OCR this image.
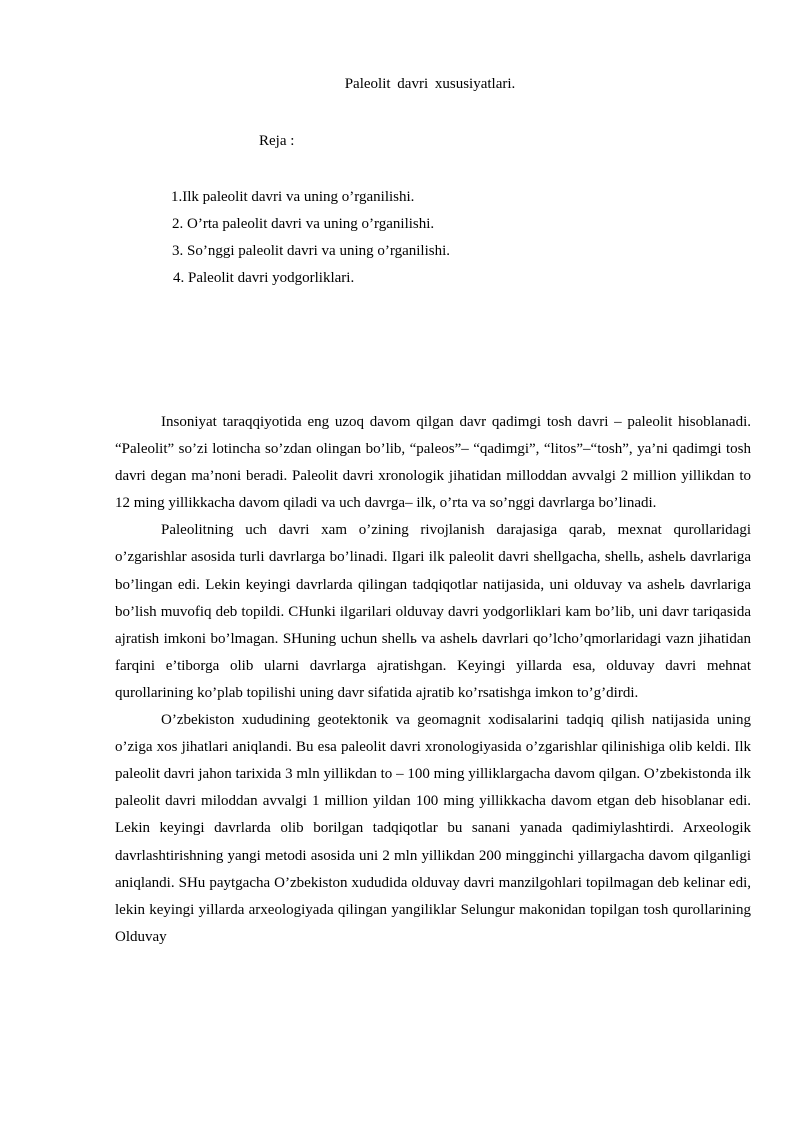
Paleolit davri xususiyatlari.
Reja :
1.Ilk paleolit davri va uning o’rganilishi.
2. O’rta paleolit davri va uning o’rganilishi.
3. So’nggi paleolit davri va uning o’rganilishi.
4. Paleolit davri yodgorliklari.

Insoniyat taraqqiyotida eng uzoq davom qilgan davr qadimgi tosh davri – paleolit hisoblanadi. “Paleolit” so’zi lotincha so’zdan olingan bo’lib, “paleos”– “qadimgi”, “litos”–“tosh”, ya’ni qadimgi tosh davri degan ma’noni beradi. Paleolit davri xronologik jihatidan milloddan avvalgi 2 million yillikdan to 12 ming yillikkacha davom qiladi va uch davrga– ilk, o’rta va so’nggi davrlarga bo’linadi.

Paleolitning uch davri xam o’zining rivojlanish darajasiga qarab, mexnat qurollaridagi o’zgarishlar asosida turli davrlarga bo’linadi. Ilgari ilk paleolit davri shellgacha, shellь, ashelь davrlariga bo’lingan edi. Lekin keyingi davrlarda qilingan tadqiqotlar natijasida, uni olduvay va ashelь davrlariga bo’lish muvofiq deb topildi. CHunki ilgarilari olduvay davri yodgorliklari kam bo’lib, uni davr tariqasida ajratish imkoni bo’lmagan. SHuning uchun shellь va ashelь davrlari qo’lcho’qmorlaridagi vazn jihatidan farqini e’tiborga olib ularni davrlarga ajratishgan. Keyingi yillarda esa, olduvay davri mehnat qurollarining ko’plab topilishi uning davr sifatida ajratib ko’rsatishga imkon to’g’dirdi.

O’zbekiston xududining geotektonik va geomagnit xodisalarini tadqiq qilish natijasida uning o’ziga xos jihatlari aniqlandi. Bu esa paleolit davri xronologiyasida o’zgarishlar qilinishiga olib keldi. Ilk paleolit davri jahon tarixida 3 mln yillikdan to – 100 ming yilliklargacha davom qilgan. O’zbekistonda ilk paleolit davri miloddan avvalgi 1 million yildan 100 ming yillikkacha davom etgan deb hisoblanar edi. Lekin keyingi davrlarda olib borilgan tadqiqotlar bu sanani yanada qadimiylashtirdi. Arxeologik davrlashtirishning yangi metodi asosida uni 2 mln yillikdan 200 mingginchi yillargacha davom qilganligi aniqlandi. SHu paytgacha O’zbekiston xududida olduvay davri manzilgohlari topilmagan deb kelinar edi, lekin keyingi yillarda arxeologiyada qilingan yangiliklar Selungur makonidan topilgan tosh qurollarining Olduvay
